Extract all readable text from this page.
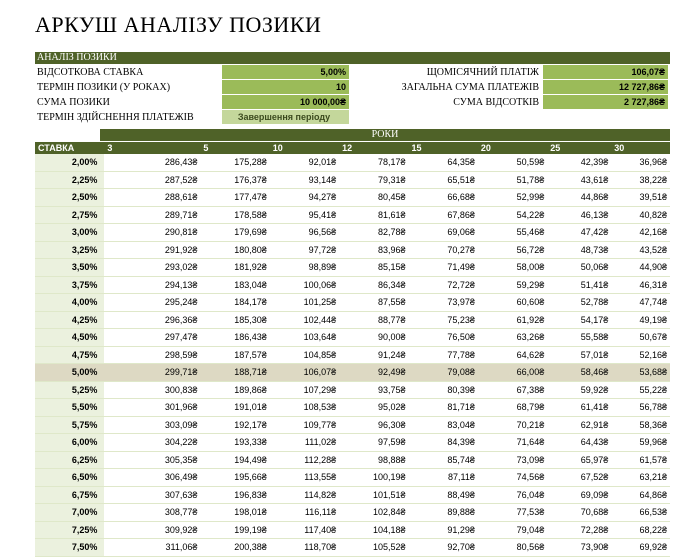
АРКУШ АНАЛІЗУ ПОЗИКИ
АНАЛІЗ ПОЗИКИ
ВІДСОТКОВА СТАВКА	5,00%	ЩОМІСЯЧНИЙ ПЛАТІЖ	106,07₴
ТЕРМІН ПОЗИКИ (У РОКАХ)	10	ЗАГАЛЬНА СУМА ПЛАТЕЖІВ	12 727,86₴
СУМА ПОЗИКИ	10 000,00₴	СУМА ВІДСОТКІВ	2 727,86₴
ТЕРМІН ЗДІЙСНЕННЯ ПЛАТЕЖІВ	Завершення періоду
РОКИ
СТАВКА	3	5	10	12	15	20	25	30
2,00%	286,43₴	175,28₴	92,01₴	78,17₴	64,35₴	50,59₴	42,39₴	36,96₴
2,25%	287,52₴	176,37₴	93,14₴	79,31₴	65,51₴	51,78₴	43,61₴	38,22₴
2,50%	288,61₴	177,47₴	94,27₴	80,45₴	66,68₴	52,99₴	44,86₴	39,51₴
2,75%	289,71₴	178,58₴	95,41₴	81,61₴	67,86₴	54,22₴	46,13₴	40,82₴
3,00%	290,81₴	179,69₴	96,56₴	82,78₴	69,06₴	55,46₴	47,42₴	42,16₴
3,25%	291,92₴	180,80₴	97,72₴	83,96₴	70,27₴	56,72₴	48,73₴	43,52₴
3,50%	293,02₴	181,92₴	98,89₴	85,15₴	71,49₴	58,00₴	50,06₴	44,90₴
3,75%	294,13₴	183,04₴	100,06₴	86,34₴	72,72₴	59,29₴	51,41₴	46,31₴
4,00%	295,24₴	184,17₴	101,25₴	87,55₴	73,97₴	60,60₴	52,78₴	47,74₴
4,25%	296,36₴	185,30₴	102,44₴	88,77₴	75,23₴	61,92₴	54,17₴	49,19₴
4,50%	297,47₴	186,43₴	103,64₴	90,00₴	76,50₴	63,26₴	55,58₴	50,67₴
4,75%	298,59₴	187,57₴	104,85₴	91,24₴	77,78₴	64,62₴	57,01₴	52,16₴
5,00%	299,71₴	188,71₴	106,07₴	92,49₴	79,08₴	66,00₴	58,46₴	53,68₴
5,25%	300,83₴	189,86₴	107,29₴	93,75₴	80,39₴	67,38₴	59,92₴	55,22₴
5,50%	301,96₴	191,01₴	108,53₴	95,02₴	81,71₴	68,79₴	61,41₴	56,78₴
5,75%	303,09₴	192,17₴	109,77₴	96,30₴	83,04₴	70,21₴	62,91₴	58,36₴
6,00%	304,22₴	193,33₴	111,02₴	97,59₴	84,39₴	71,64₴	64,43₴	59,96₴
6,25%	305,35₴	194,49₴	112,28₴	98,88₴	85,74₴	73,09₴	65,97₴	61,57₴
6,50%	306,49₴	195,66₴	113,55₴	100,19₴	87,11₴	74,56₴	67,52₴	63,21₴
6,75%	307,63₴	196,83₴	114,82₴	101,51₴	88,49₴	76,04₴	69,09₴	64,86₴
7,00%	308,77₴	198,01₴	116,11₴	102,84₴	89,88₴	77,53₴	70,68₴	66,53₴
7,25%	309,92₴	199,19₴	117,40₴	104,18₴	91,29₴	79,04₴	72,28₴	68,22₴
7,50%	311,06₴	200,38₴	118,70₴	105,52₴	92,70₴	80,56₴	73,90₴	69,92₴
